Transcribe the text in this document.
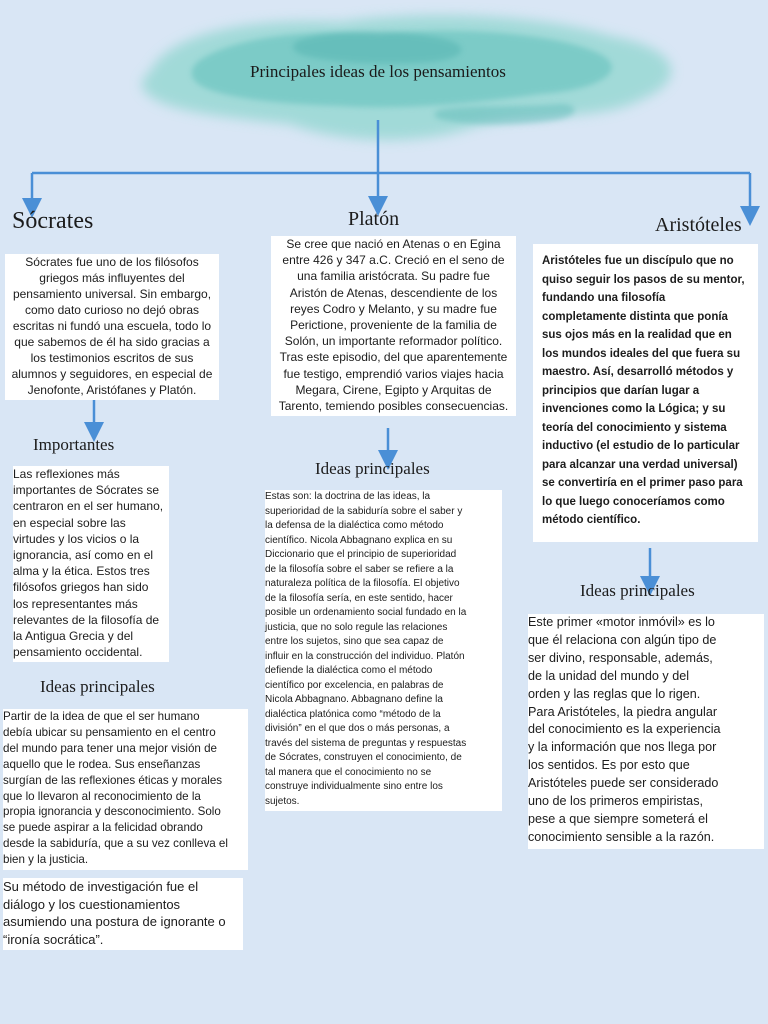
Principales ideas de los pensamientos
Sócrates
Sócrates fue uno de los filósofos
griegos más influyentes del
pensamiento universal. Sin embargo,
como dato curioso no dejó obras
escritas ni fundó una escuela, todo lo
que sabemos de él ha sido gracias a
los testimonios escritos de sus
alumnos y seguidores, en especial de
Jenofonte, Aristófanes y Platón.
Importantes
Las reflexiones más
importantes de Sócrates se
centraron en el ser humano,
en especial sobre las
virtudes y los vicios o la
ignorancia, así como en el
alma y la ética. Estos tres
filósofos griegos han sido
los representantes más
relevantes de la filosofía de
la Antigua Grecia y del
pensamiento occidental.
Ideas principales
Partir de la idea de que el ser humano
debía ubicar su pensamiento en el centro
del mundo para tener una mejor visión de
aquello que le rodea. Sus enseñanzas
surgían de las reflexiones éticas y morales
que lo llevaron al reconocimiento de la
propia ignorancia y desconocimiento. Solo
se puede aspirar a la felicidad obrando
desde la sabiduría, que a su vez conlleva el
bien y la justicia.
Su método de investigación fue el
diálogo y los cuestionamientos
asumiendo una postura de ignorante o
“ironía socrática”.
Platón
Se cree que nació en Atenas o en Egina
entre 426 y 347 a.C. Creció en el seno de
una familia aristócrata. Su padre fue
Aristón de Atenas, descendiente de los
reyes Codro y Melanto, y su madre fue
Perictione, proveniente de la familia de
Solón, un importante reformador político.
Tras este episodio, del que aparentemente
fue testigo, emprendió varios viajes hacia
Megara, Cirene, Egipto y Arquitas de
Tarento, temiendo posibles consecuencias.
Ideas principales
Estas son: la doctrina de las ideas, la
superioridad de la sabiduría sobre el saber y
la defensa de la dialéctica como método
científico. Nicola Abbagnano explica en su
Diccionario que el principio de superioridad
de la filosofía sobre el saber se refiere a la
naturaleza política de la filosofía. El objetivo
de la filosofía sería, en este sentido, hacer
posible un ordenamiento social fundado en la
justicia, que no solo regule las relaciones
entre los sujetos, sino que sea capaz de
influir en la construcción del individuo. Platón
defiende la dialéctica como el método
científico por excelencia, en palabras de
Nicola Abbagnano. Abbagnano define la
dialéctica platónica como “método de la
división” en el que dos o más personas, a
través del sistema de preguntas y respuestas
de Sócrates, construyen el conocimiento, de
tal manera que el conocimiento no se
construye individualmente sino entre los
sujetos.
Aristóteles
Aristóteles fue un discípulo que no
quiso seguir los pasos de su mentor,
fundando una filosofía
completamente distinta que ponía
sus ojos más en la realidad que en
los mundos ideales del que fuera su
maestro. Así, desarrolló métodos y
principios que darían lugar a
invenciones como la Lógica; y su
teoría del conocimiento y sistema
inductivo (el estudio de lo particular
para alcanzar una verdad universal)
se convertiría en el primer paso para
lo que luego conoceríamos como
método científico.
Ideas principales
Este primer «motor inmóvil» es lo
que él relaciona con algún tipo de
ser divino, responsable, además,
de la unidad del mundo y del
orden y las reglas que lo rigen.
Para Aristóteles, la piedra angular
del conocimiento es la experiencia
y la información que nos llega por
los sentidos. Es por esto que
Aristóteles puede ser considerado
uno de los primeros empiristas,
pese a que siempre someterá el
conocimiento sensible a la razón.
